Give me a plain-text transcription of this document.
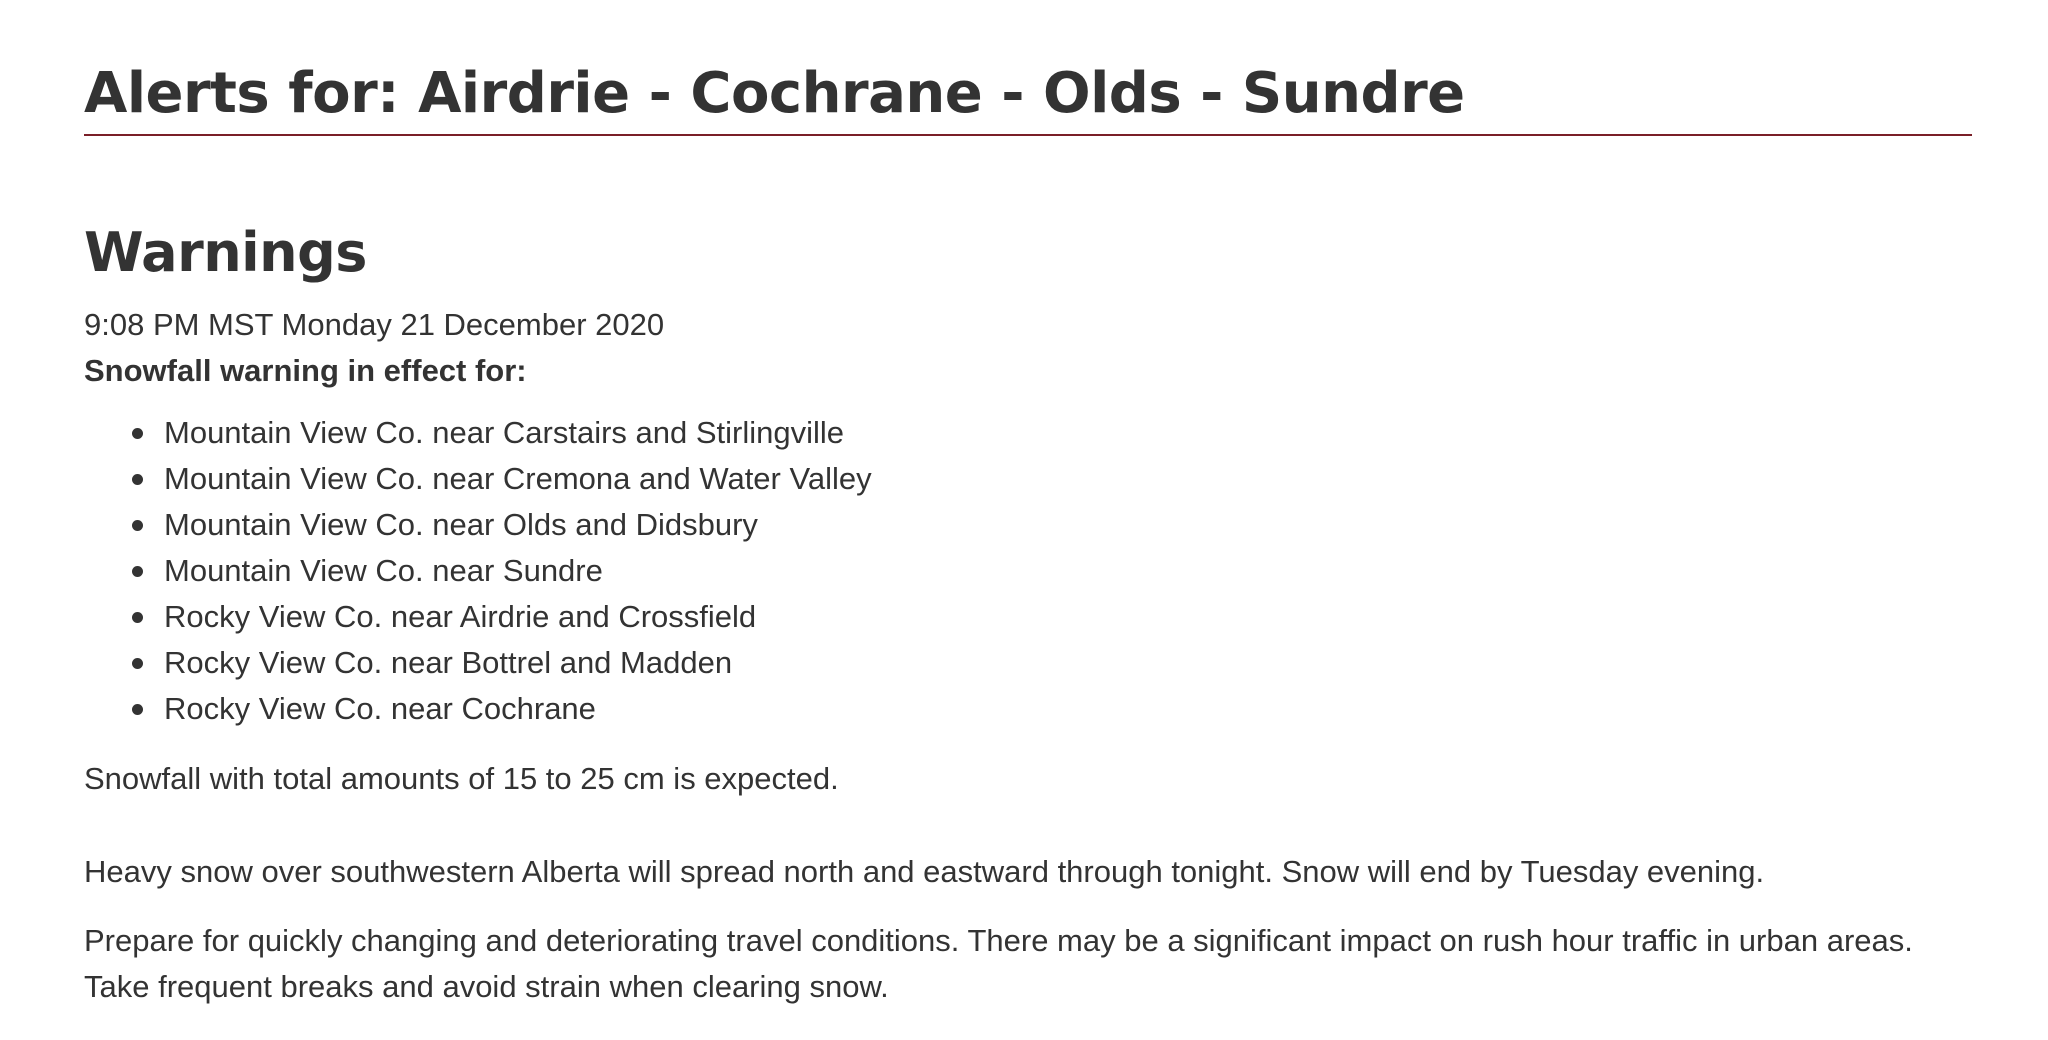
Alerts for: Airdrie - Cochrane - Olds - Sundre
Warnings

9:08 PM MST Monday 21 December 2020

Snowfall warning in effect for:

Mountain View Co. near Carstairs and Stirlingville
Mountain View Co. near Cremona and Water Valley
Mountain View Co. near Olds and Didsbury
Mountain View Co. near Sundre
Rocky View Co. near Airdrie and Crossfield
Rocky View Co. near Bottrel and Madden
Rocky View Co. near Cochrane

Snowfall with total amounts of 15 to 25 cm is expected.

Heavy snow over southwestern Alberta will spread north and eastward through tonight. Snow will end by Tuesday evening.

Prepare for quickly changing and deteriorating travel conditions. There may be a significant impact on rush hour traffic in urban areas. Take frequent breaks and avoid strain when clearing snow.
